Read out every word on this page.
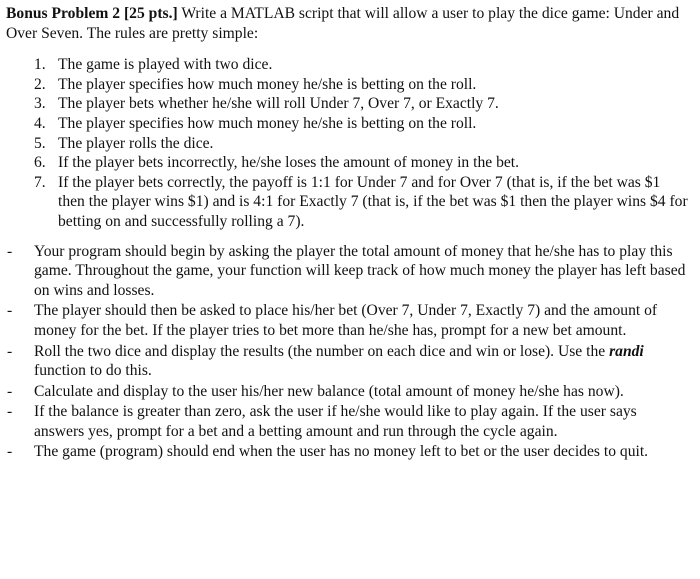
Bonus Problem 2 [25 pts.] Write a MATLAB script that will allow a user to play the dice game: Under and Over Seven. The rules are pretty simple:

1. The game is played with two dice.
2. The player specifies how much money he/she is betting on the roll.
3. The player bets whether he/she will roll Under 7, Over 7, or Exactly 7.
4. The player specifies how much money he/she is betting on the roll.
5. The player rolls the dice.
6. If the player bets incorrectly, he/she loses the amount of money in the bet.
7. If the player bets correctly, the payoff is 1:1 for Under 7 and for Over 7 (that is, if the bet was $1 then the player wins $1) and is 4:1 for Exactly 7 (that is, if the bet was $1 then the player wins $4 for betting on and successfully rolling a 7).
- Your program should begin by asking the player the total amount of money that he/she has to play this game. Throughout the game, your function will keep track of how much money the player has left based on wins and losses.
- The player should then be asked to place his/her bet (Over 7, Under 7, Exactly 7) and the amount of money for the bet. If the player tries to bet more than he/she has, prompt for a new bet amount.
- Roll the two dice and display the results (the number on each dice and win or lose). Use the randi function to do this.
- Calculate and display to the user his/her new balance (total amount of money he/she has now).
- If the balance is greater than zero, ask the user if he/she would like to play again. If the user says answers yes, prompt for a bet and a betting amount and run through the cycle again.
- The game (program) should end when the user has no money left to bet or the user decides to quit.
